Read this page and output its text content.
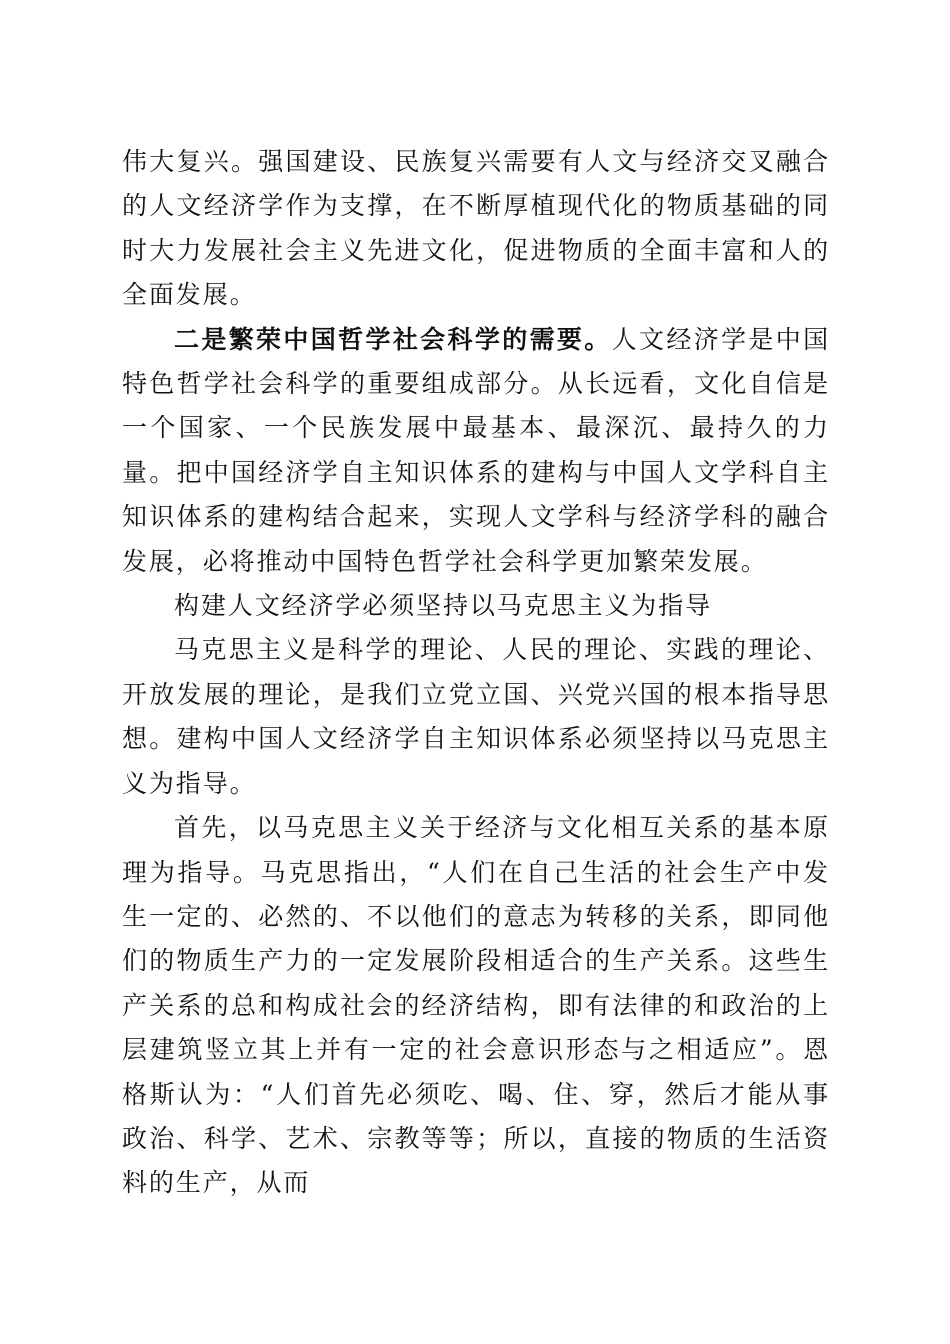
伟大复兴。强国建设、民族复兴需要有人文与经济交叉融合的人文经济学作为支撑，在不断厚植现代化的物质基础的同时大力发展社会主义先进文化，促进物质的全面丰富和人的全面发展。

二是繁荣中国哲学社会科学的需要。人文经济学是中国特色哲学社会科学的重要组成部分。从长远看，文化自信是一个国家、一个民族发展中最基本、最深沉、最持久的力量。把中国经济学自主知识体系的建构与中国人文学科自主知识体系的建构结合起来，实现人文学科与经济学科的融合发展，必将推动中国特色哲学社会科学更加繁荣发展。

构建人文经济学必须坚持以马克思主义为指导

马克思主义是科学的理论、人民的理论、实践的理论、开放发展的理论，是我们立党立国、兴党兴国的根本指导思想。建构中国人文经济学自主知识体系必须坚持以马克思主义为指导。

首先，以马克思主义关于经济与文化相互关系的基本原理为指导。马克思指出，“人们在自己生活的社会生产中发生一定的、必然的、不以他们的意志为转移的关系，即同他们的物质生产力的一定发展阶段相适合的生产关系。这些生产关系的总和构成社会的经济结构，即有法律的和政治的上层建筑竖立其上并有一定的社会意识形态与之相适应”。恩格斯认为：“人们首先必须吃、喝、住、穿，然后才能从事政治、科学、艺术、宗教等等；所以，直接的物质的生活资料的生产，从而
